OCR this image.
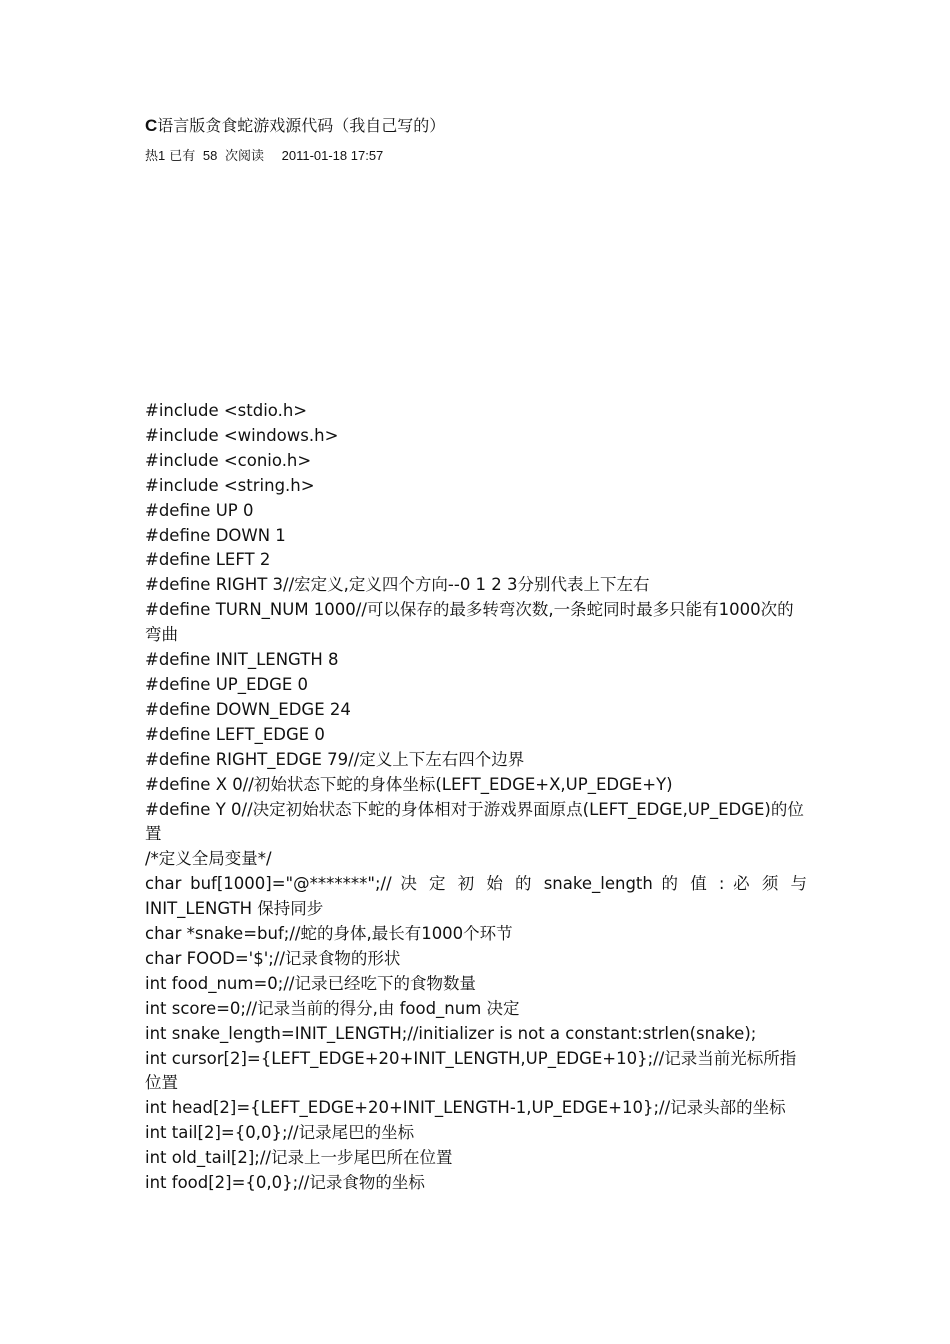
C语言版贪食蛇游戏源代码（我自己写的）
热1 已有 58 次阅读 2011-01-18 17:57
#include <stdio.h>
#include <windows.h>
#include <conio.h>
#include <string.h>
#define UP 0
#define DOWN 1
#define LEFT 2
#define RIGHT 3//宏定义,定义四个方向--0 1 2 3分别代表上下左右
#define TURN_NUM 1000//可以保存的最多转弯次数,一条蛇同时最多只能有1000次的弯曲
#define INIT_LENGTH 8
#define UP_EDGE 0
#define DOWN_EDGE 24
#define LEFT_EDGE 0
#define RIGHT_EDGE 79//定义上下左右四个边界
#define X 0//初始状态下蛇的身体坐标(LEFT_EDGE+X,UP_EDGE+Y)
#define Y 0//决定初始状态下蛇的身体相对于游戏界面原点(LEFT_EDGE,UP_EDGE)的位置
/*定义全局变量*/
char buf[1000]="@*******";// 决 定 初 始 的 snake_length 的 值 : 必 须 与 INIT_LENGTH 保持同步
char *snake=buf;//蛇的身体,最长有1000个环节
char FOOD='$';//记录食物的形状
int food_num=0;//记录已经吃下的食物数量
int score=0;//记录当前的得分,由 food_num 决定
int snake_length=INIT_LENGTH;//initializer is not a constant:strlen(snake);
int cursor[2]={LEFT_EDGE+20+INIT_LENGTH,UP_EDGE+10};//记录当前光标所指位置
int head[2]={LEFT_EDGE+20+INIT_LENGTH-1,UP_EDGE+10};//记录头部的坐标
int tail[2]={0,0};//记录尾巴的坐标
int old_tail[2];//记录上一步尾巴所在位置
int food[2]={0,0};//记录食物的坐标
